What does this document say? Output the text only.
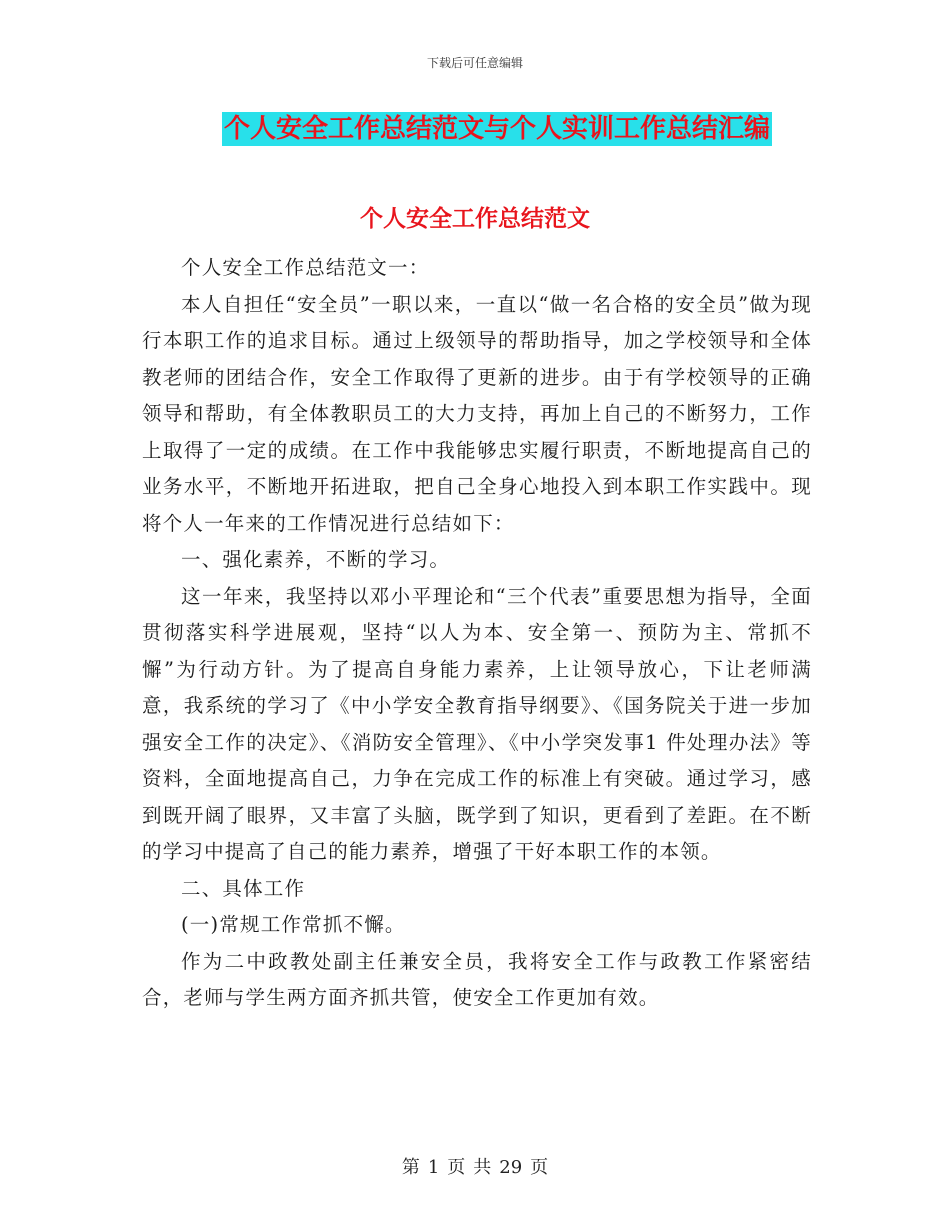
下载后可任意编辑
个人安全工作总结范文与个人实训工作总结汇编
个人安全工作总结范文

个人安全工作总结范文一：

本人自担任“安全员”一职以来，一直以“做一名合格的安全员”做为现行本职工作的追求目标。通过上级领导的帮助指导，加之学校领导和全体教老师的团结合作，安全工作取得了更新的进步。由于有学校领导的正确领导和帮助，有全体教职员工的大力支持，再加上自己的不断努力，工作上取得了一定的成绩。在工作中我能够忠实履行职责，不断地提高自己的业务水平，不断地开拓进取，把自己全身心地投入到本职工作实践中。现将个人一年来的工作情况进行总结如下：

一、强化素养，不断的学习。

这一年来，我坚持以邓小平理论和“三个代表”重要思想为指导，全面贯彻落实科学进展观，坚持“以人为本、安全第一、预防为主、常抓不懈”为行动方针。为了提高自身能力素养，上让领导放心，下让老师满意，我系统的学习了《中小学安全教育指导纲要》、《国务院关于进一步加强安全工作的决定》、《消防安全管理》、《中小学突发事1 件处理办法》等资料，全面地提高自己，力争在完成工作的标准上有突破。通过学习，感到既开阔了眼界，又丰富了头脑，既学到了知识，更看到了差距。在不断的学习中提高了自己的能力素养，增强了干好本职工作的本领。

二、具体工作

(一)常规工作常抓不懈。

作为二中政教处副主任兼安全员，我将安全工作与政教工作紧密结合，老师与学生两方面齐抓共管，使安全工作更加有效。

第 1 页 共 29 页
